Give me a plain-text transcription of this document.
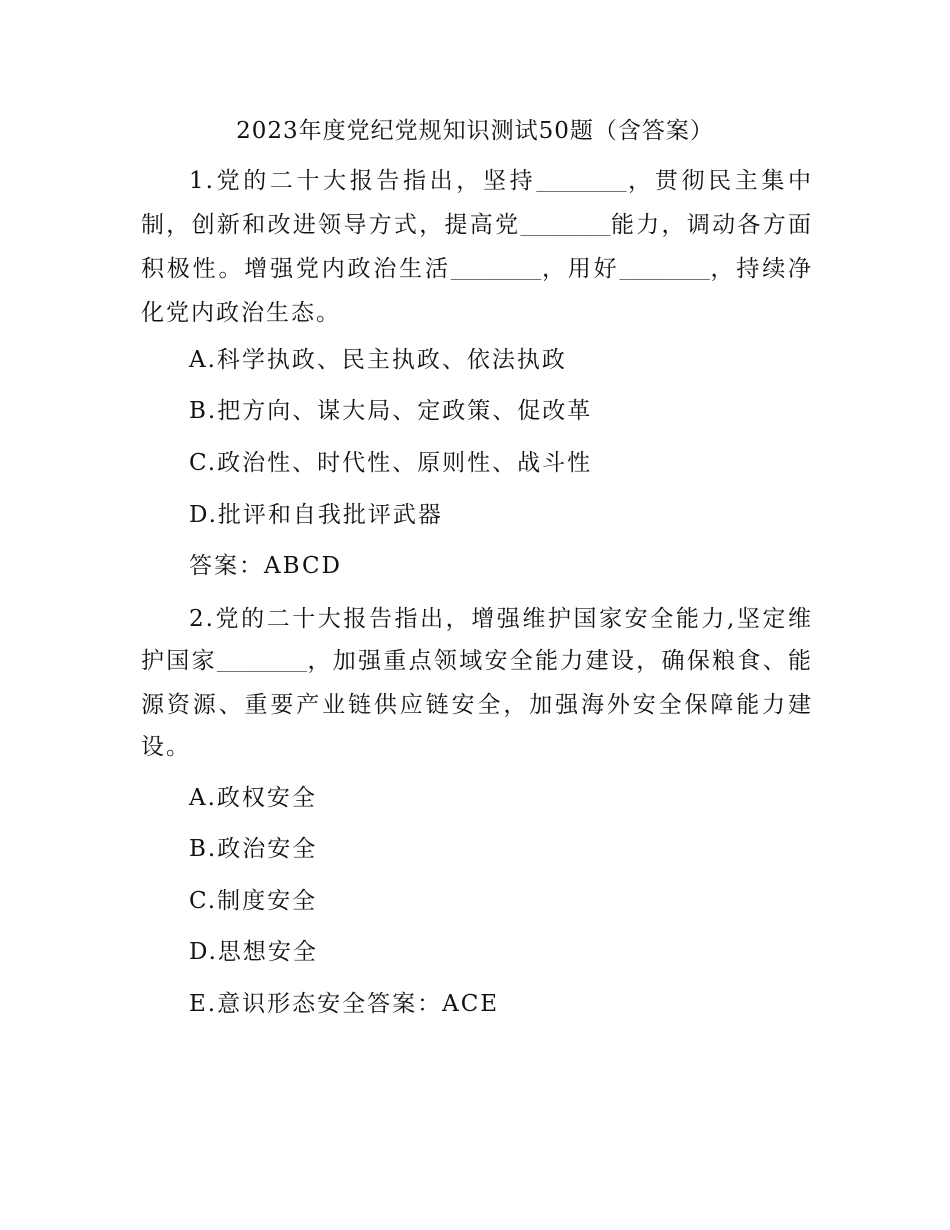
2023年度党纪党规知识测试50题（含答案）
1.党的二十大报告指出，坚持__________，贯彻民主集中制，创新和改进领导方式，提高党__________能力，调动各方面积极性。增强党内政治生活__________，用好__________，持续净化党内政治生态。
A.科学执政、民主执政、依法执政
B.把方向、谋大局、定政策、促改革
C.政治性、时代性、原则性、战斗性
D.批评和自我批评武器
答案：ABCD
2.党的二十大报告指出，增强维护国家安全能力,坚定维护国家__________，加强重点领域安全能力建设，确保粮食、能源资源、重要产业链供应链安全，加强海外安全保障能力建设。
A.政权安全
B.政治安全
C.制度安全
D.思想安全
E.意识形态安全答案：ACE
